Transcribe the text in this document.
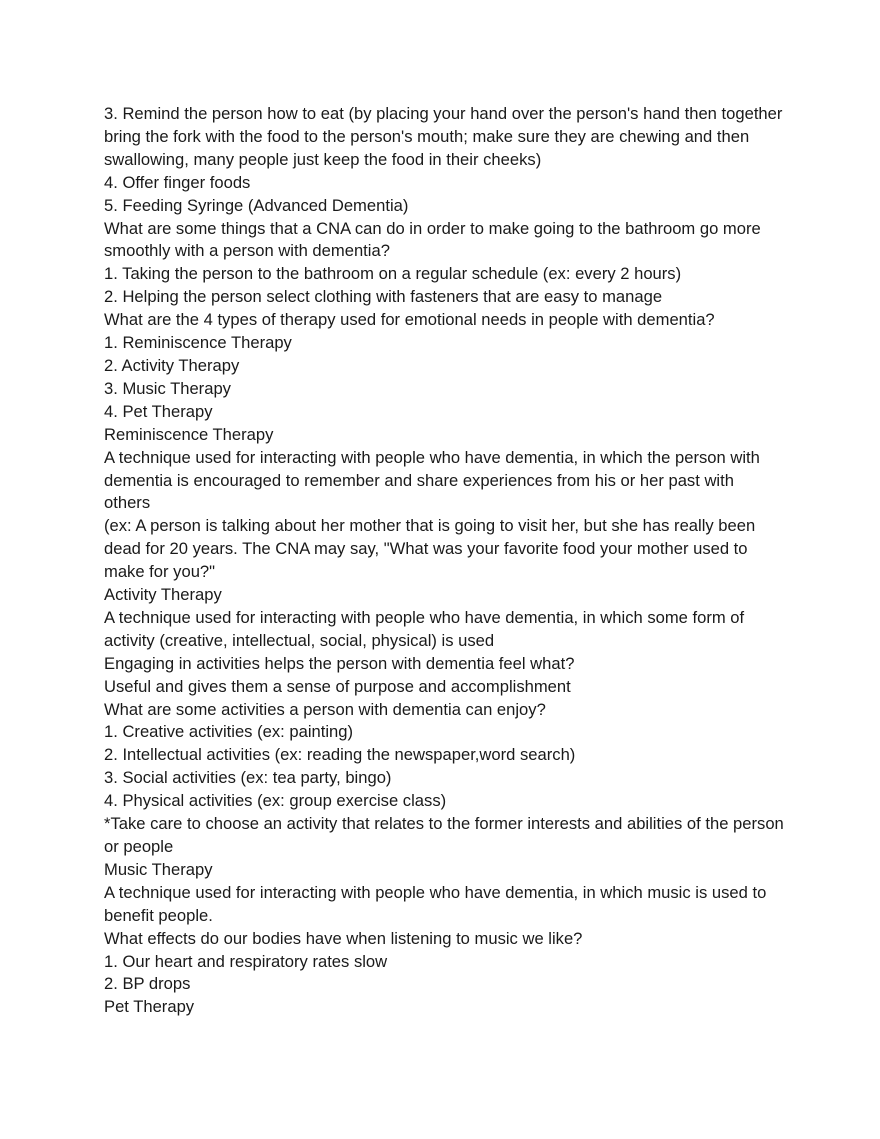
3. Remind the person how to eat (by placing your hand over the person's hand then together bring the fork with the food to the person's mouth; make sure they are chewing and then swallowing, many people just keep the food in their cheeks)

4. Offer finger foods

5. Feeding Syringe (Advanced Dementia)

What are some things that a CNA can do in order to make going to the bathroom go more smoothly with a person with dementia?

1. Taking the person to the bathroom on a regular schedule (ex: every 2 hours)

2. Helping the person select clothing with fasteners that are easy to manage

What are the 4 types of therapy used for emotional needs in people with dementia?

1. Reminiscence Therapy

2. Activity Therapy

3. Music Therapy

4. Pet Therapy

Reminiscence Therapy

A technique used for interacting with people who have dementia, in which the person with dementia is encouraged to remember and share experiences from his or her past with others

(ex: A person is talking about her mother that is going to visit her, but she has really been dead for 20 years. The CNA may say, "What was your favorite food your mother used to make for you?"

Activity Therapy

A technique used for interacting with people who have dementia, in which some form of activity (creative, intellectual, social, physical) is used

Engaging in activities helps the person with dementia feel what?

Useful and gives them a sense of purpose and accomplishment

What are some activities a person with dementia can enjoy?

1. Creative activities (ex: painting)

2. Intellectual activities (ex: reading the newspaper,word search)

3. Social activities (ex: tea party, bingo)

4. Physical activities (ex: group exercise class)

*Take care to choose an activity that relates to the former interests and abilities of the person or people

Music Therapy

A technique used for interacting with people who have dementia, in which music is used to benefit people.

What effects do our bodies have when listening to music we like?

1. Our heart and respiratory rates slow

2. BP drops

Pet Therapy
